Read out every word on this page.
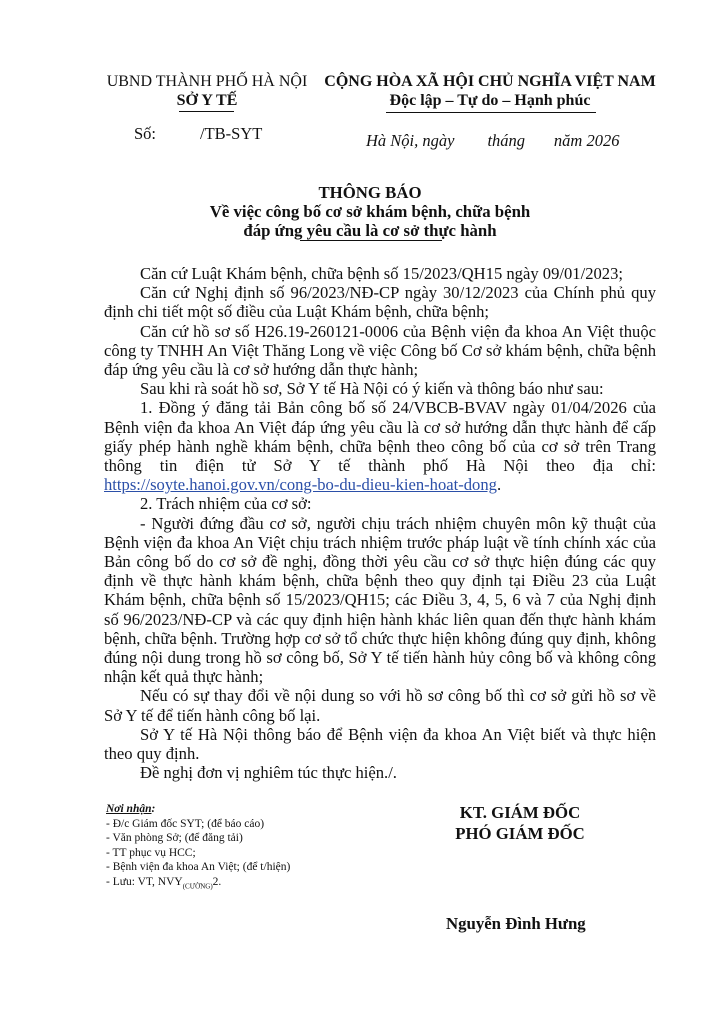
UBND THÀNH PHỐ HÀ NỘI
SỞ Y TẾ
CỘNG HÒA XÃ HỘI CHỦ NGHĨA VIỆT NAM
Độc lập – Tự do – Hạnh phúc
Số:	/TB-SYT	Hà Nội, ngày        tháng       năm 2026
THÔNG BÁO
Về việc công bố cơ sở khám bệnh, chữa bệnh
đáp ứng yêu cầu là cơ sở thực hành

Căn cứ Luật Khám bệnh, chữa bệnh số 15/2023/QH15 ngày 09/01/2023;

Căn cứ Nghị định số 96/2023/NĐ-CP ngày 30/12/2023 của Chính phủ quy định chi tiết một số điều của Luật Khám bệnh, chữa bệnh;

Căn cứ hồ sơ số H26.19-260121-0006 của Bệnh viện đa khoa An Việt thuộc công ty TNHH An Việt Thăng Long về việc Công bố Cơ sở khám bệnh, chữa bệnh đáp ứng yêu cầu là cơ sở hướng dẫn thực hành;

Sau khi rà soát hồ sơ, Sở Y tế Hà Nội có ý kiến và thông báo như sau:

1. Đồng ý đăng tải Bản công bố số 24/VBCB-BVAV ngày 01/04/2026 của Bệnh viện đa khoa An Việt đáp ứng yêu cầu là cơ sở hướng dẫn thực hành để cấp giấy phép hành nghề khám bệnh, chữa bệnh theo công bố của cơ sở trên Trang thông tin điện tử Sở Y tế thành phố Hà Nội theo địa chỉ: https://soyte.hanoi.gov.vn/cong-bo-du-dieu-kien-hoat-dong.

2. Trách nhiệm của cơ sở:

- Người đứng đầu cơ sở, người chịu trách nhiệm chuyên môn kỹ thuật của Bệnh viện đa khoa An Việt chịu trách nhiệm trước pháp luật về tính chính xác của Bản công bố do cơ sở đề nghị, đồng thời yêu cầu cơ sở thực hiện đúng các quy định về thực hành khám bệnh, chữa bệnh theo quy định tại Điều 23 của Luật Khám bệnh, chữa bệnh số 15/2023/QH15; các Điều 3, 4, 5, 6 và 7 của Nghị định số 96/2023/NĐ-CP và các quy định hiện hành khác liên quan đến thực hành khám bệnh, chữa bệnh. Trường hợp cơ sở tổ chức thực hiện không đúng quy định, không đúng nội dung trong hồ sơ công bố, Sở Y tế tiến hành hủy công bố và không công nhận kết quả thực hành;

Nếu có sự thay đổi về nội dung so với hồ sơ công bố thì cơ sở gửi hồ sơ về Sở Y tế để tiến hành công bố lại.

Sở Y tế Hà Nội thông báo để Bệnh viện đa khoa An Việt biết và thực hiện theo quy định.

Đề nghị đơn vị nghiêm túc thực hiện./.

Nơi nhận:
- Đ/c Giám đốc SYT; (để báo cáo)
- Văn phòng Sở; (để đăng tải)
- TT phục vụ HCC;
- Bệnh viện đa khoa An Việt; (để t/hiện)
- Lưu: VT, $NVY_{(CƯỜNG)}2$.
KT. GIÁM ĐỐC
PHÓ GIÁM ĐỐC
Nguyễn Đình Hưng
